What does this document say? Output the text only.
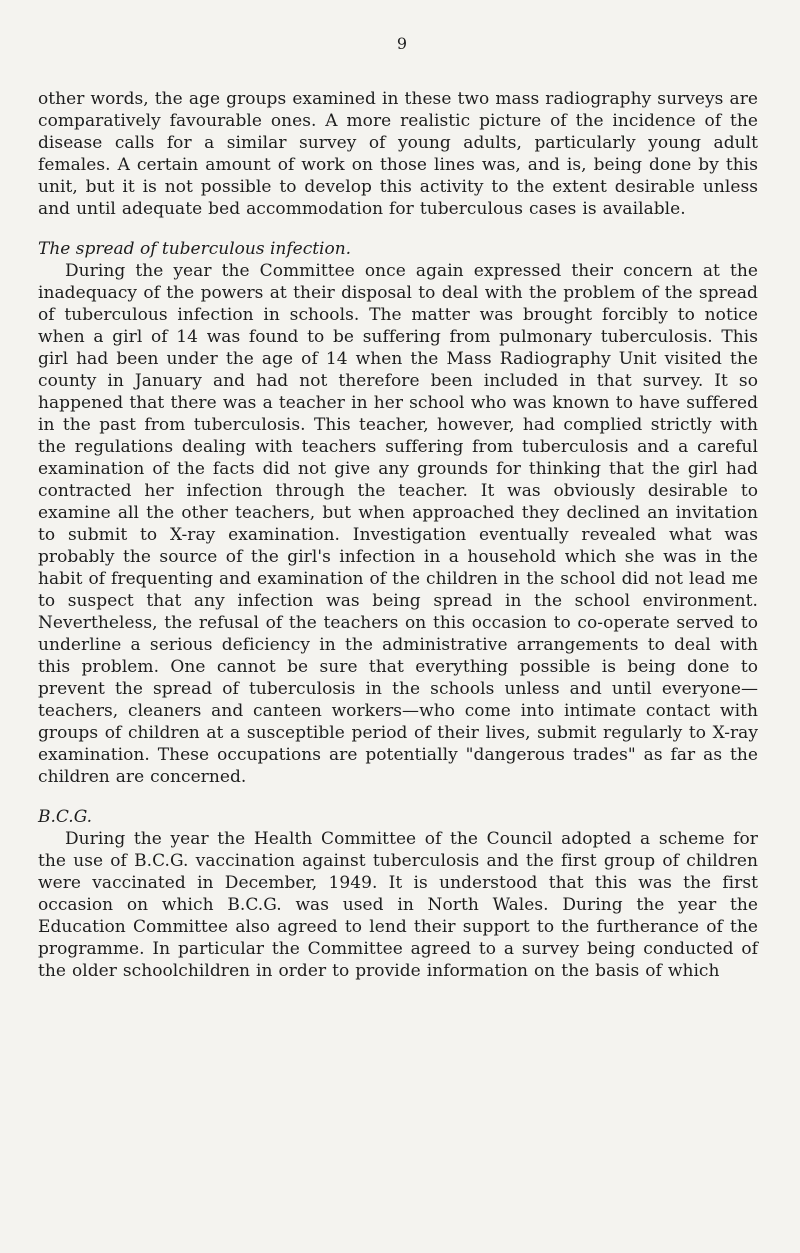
9

other words, the age groups examined in these two mass radiography surveys are comparatively favourable ones. A more realistic picture of the incidence of the disease calls for a similar survey of young adults, particularly young adult females. A certain amount of work on those lines was, and is, being done by this unit, but it is not possible to develop this activity to the extent desirable unless and until adequate bed accommodation for tuberculous cases is available.

The spread of tuberculous infection.

During the year the Committee once again expressed their concern at the inadequacy of the powers at their disposal to deal with the problem of the spread of tuberculous infection in schools. The matter was brought forcibly to notice when a girl of 14 was found to be suffering from pulmonary tuberculosis. This girl had been under the age of 14 when the Mass Radiography Unit visited the county in January and had not therefore been included in that survey. It so happened that there was a teacher in her school who was known to have suffered in the past from tuberculosis. This teacher, however, had complied strictly with the regulations dealing with teachers suffering from tuberculosis and a careful examination of the facts did not give any grounds for thinking that the girl had contracted her infection through the teacher. It was obviously desirable to examine all the other teachers, but when approached they declined an invitation to submit to X-ray examination. Investigation eventually revealed what was probably the source of the girl's infection in a household which she was in the habit of frequenting and examination of the children in the school did not lead me to suspect that any infection was being spread in the school environment. Nevertheless, the refusal of the teachers on this occasion to co-operate served to underline a serious deficiency in the administrative arrangements to deal with this problem. One cannot be sure that everything possible is being done to prevent the spread of tuberculosis in the schools unless and until everyone—teachers, cleaners and canteen workers—who come into intimate contact with groups of children at a susceptible period of their lives, submit regularly to X-ray examination. These occupations are potentially "dangerous trades" as far as the children are concerned.

B.C.G.

During the year the Health Committee of the Council adopted a scheme for the use of B.C.G. vaccination against tuberculosis and the first group of children were vaccinated in December, 1949. It is understood that this was the first occasion on which B.C.G. was used in North Wales. During the year the Education Committee also agreed to lend their support to the furtherance of the programme. In particular the Committee agreed to a survey being conducted of the older schoolchildren in order to provide information on the basis of which
